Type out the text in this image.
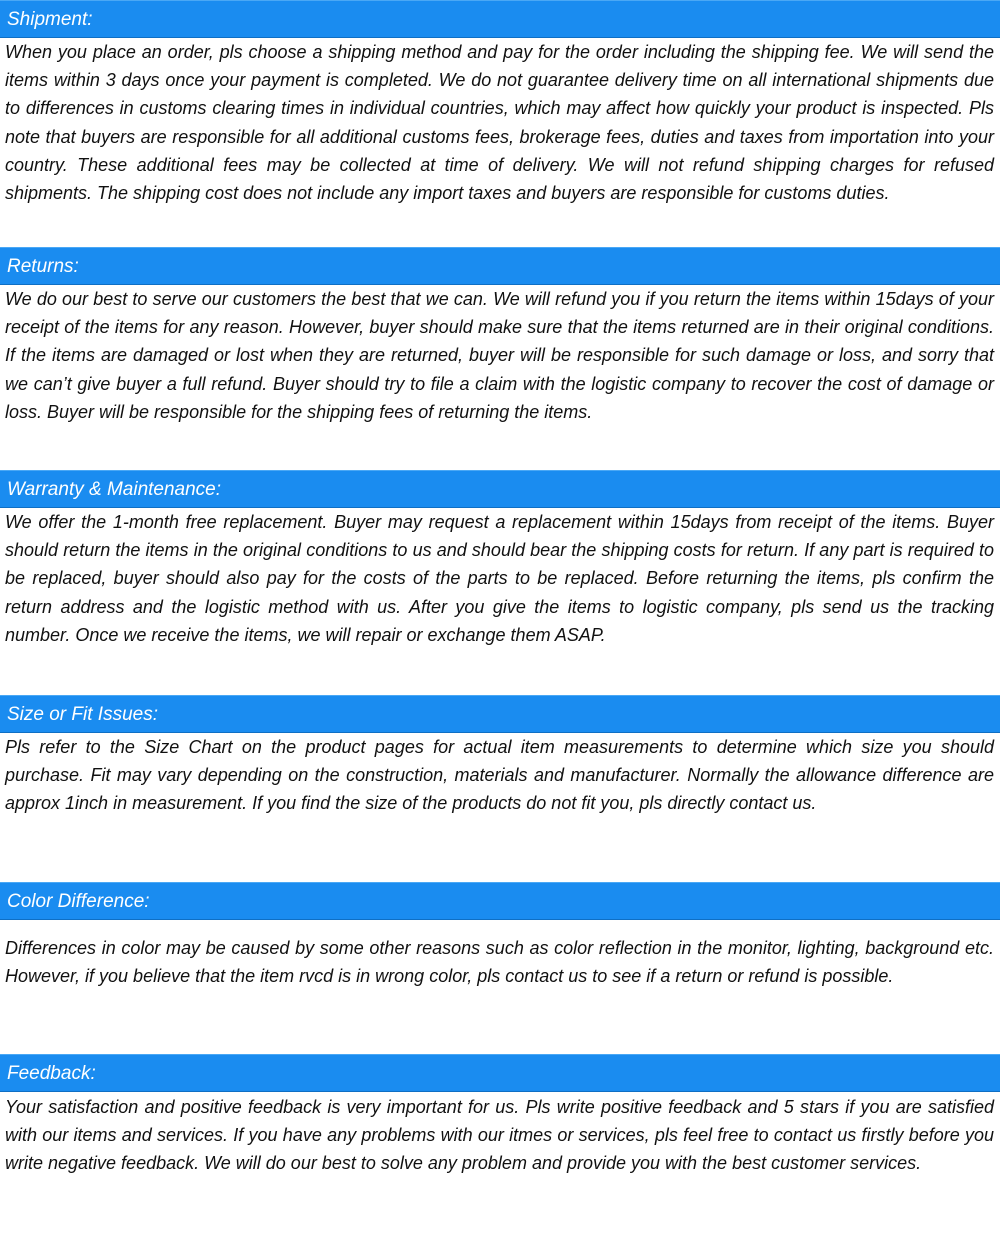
Shipment:

When you place an order, pls choose a shipping method and pay for the order including the shipping fee. We will send the items within 3 days once your payment is completed. We do not guarantee delivery time on all international shipments due to differences in customs clearing times in individual countries, which may affect how quickly your product is inspected. Pls note that buyers are responsible for all additional customs fees, brokerage fees, duties and taxes from importation into your country. These additional fees may be collected at time of delivery. We will not refund shipping charges for refused shipments. The shipping cost does not include any import taxes and buyers are responsible for customs duties.

Returns:

We do our best to serve our customers the best that we can. We will refund you if you return the items within 15days of your receipt of the items for any reason. However, buyer should make sure that the items returned are in their original conditions. If the items are damaged or lost when they are returned, buyer will be responsible for such damage or loss, and sorry that we can’t give buyer a full refund. Buyer should try to file a claim with the logistic company to recover the cost of damage or loss. Buyer will be responsible for the shipping fees of returning the items.

Warranty & Maintenance:

We offer the 1-month free replacement. Buyer may request a replacement within 15days from receipt of the items. Buyer should return the items in the original conditions to us and should bear the shipping costs for return. If any part is required to be replaced, buyer should also pay for the costs of the parts to be replaced. Before returning the items, pls confirm the return address and the logistic method with us. After you give the items to logistic company, pls send us the tracking number. Once we receive the items, we will repair or exchange them ASAP.

Size or Fit Issues:

Pls refer to the Size Chart on the product pages for actual item measurements to determine which size you should purchase. Fit may vary depending on the construction, materials and manufacturer. Normally the allowance difference are approx 1inch in measurement. If you find the size of the products do not fit you, pls directly contact us.

Color Difference:

Differences in color may be caused by some other reasons such as color reflection in the monitor, lighting, background etc. However, if you believe that the item rvcd is in wrong color, pls contact us to see if a return or refund is possible.

Feedback:

Your satisfaction and positive feedback is very important for us. Pls write positive feedback and 5 stars if you are satisfied with our items and services. If you have any problems with our itmes or services, pls feel free to contact us firstly before you write negative feedback. We will do our best to solve any problem and provide you with the best customer services.
